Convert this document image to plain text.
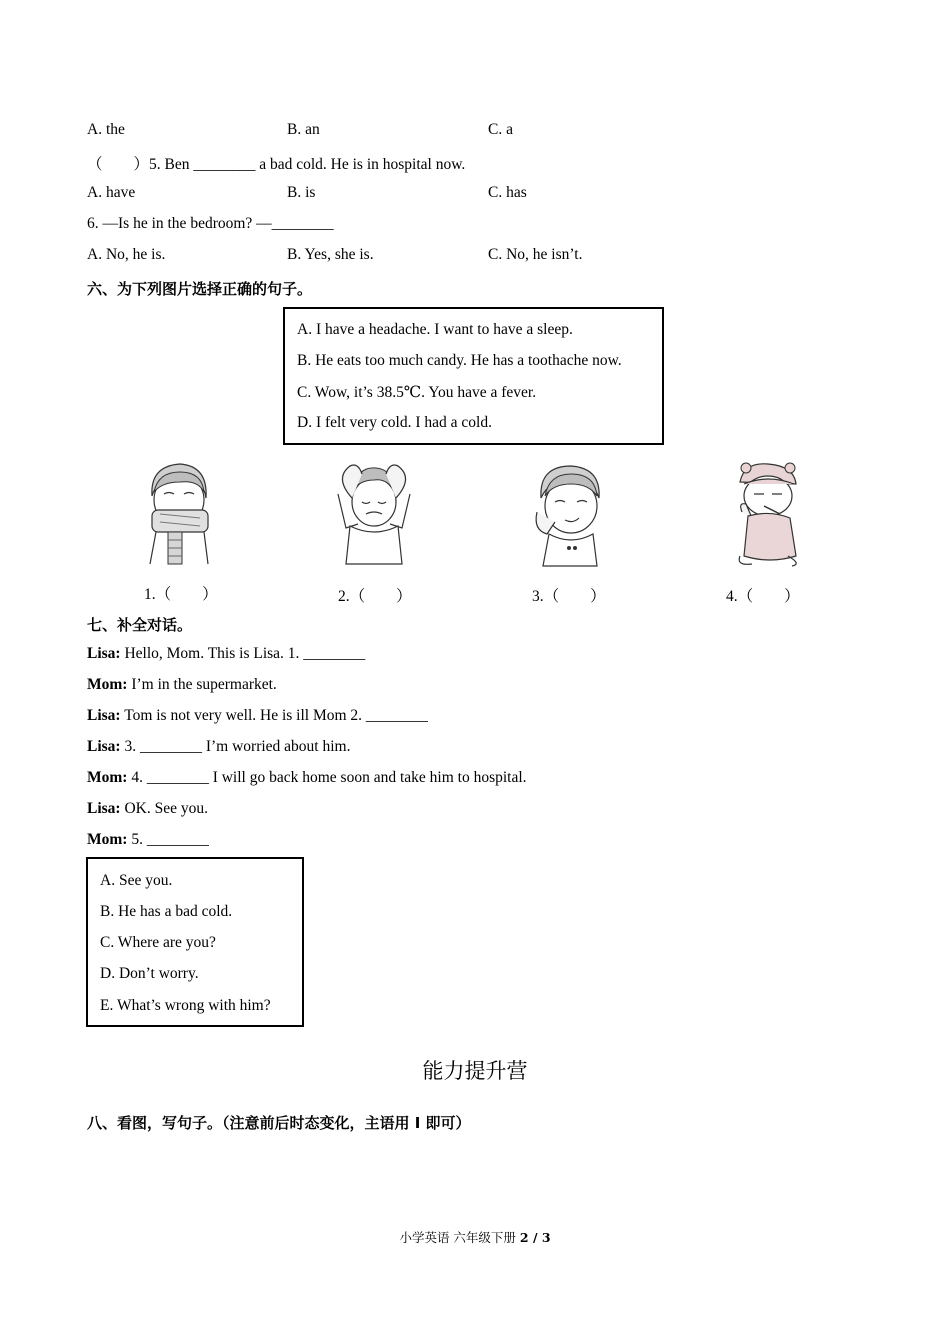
A. the	B. an	C. a
（　　）5. Ben ________ a bad cold. He is in hospital now.
A. have	B. is	C. has
6. —Is he in the bedroom? —________
A. No, he is.	B. Yes, she is.	C. No, he isn’t.
六、为下列图片选择正确的句子。
A. I have a headache. I want to have a sleep.
B. He eats too much candy. He has a toothache now.
C. Wow, it’s 38.5℃. You have a fever.
D. I felt very cold. I had a cold.
1.（　　）	2.（　　）	3.（　　）	4.（　　）
七、补全对话。
Lisa: Hello, Mom. This is Lisa. 1. ________
Mom: I’m in the supermarket.
Lisa: Tom is not very well. He is ill Mom 2. ________
Lisa: 3. ________ I’m worried about him.
Mom: 4. ________ I will go back home soon and take him to hospital.
Lisa: OK. See you.
Mom: 5. ________
A. See you.
B. He has a bad cold.
C. Where are you?
D. Don’t worry.
E. What’s wrong with him?
能力提升营
八、看图，写句子。（注意前后时态变化，主语用 I 即可）
小学英语 六年级下册 2 / 3
